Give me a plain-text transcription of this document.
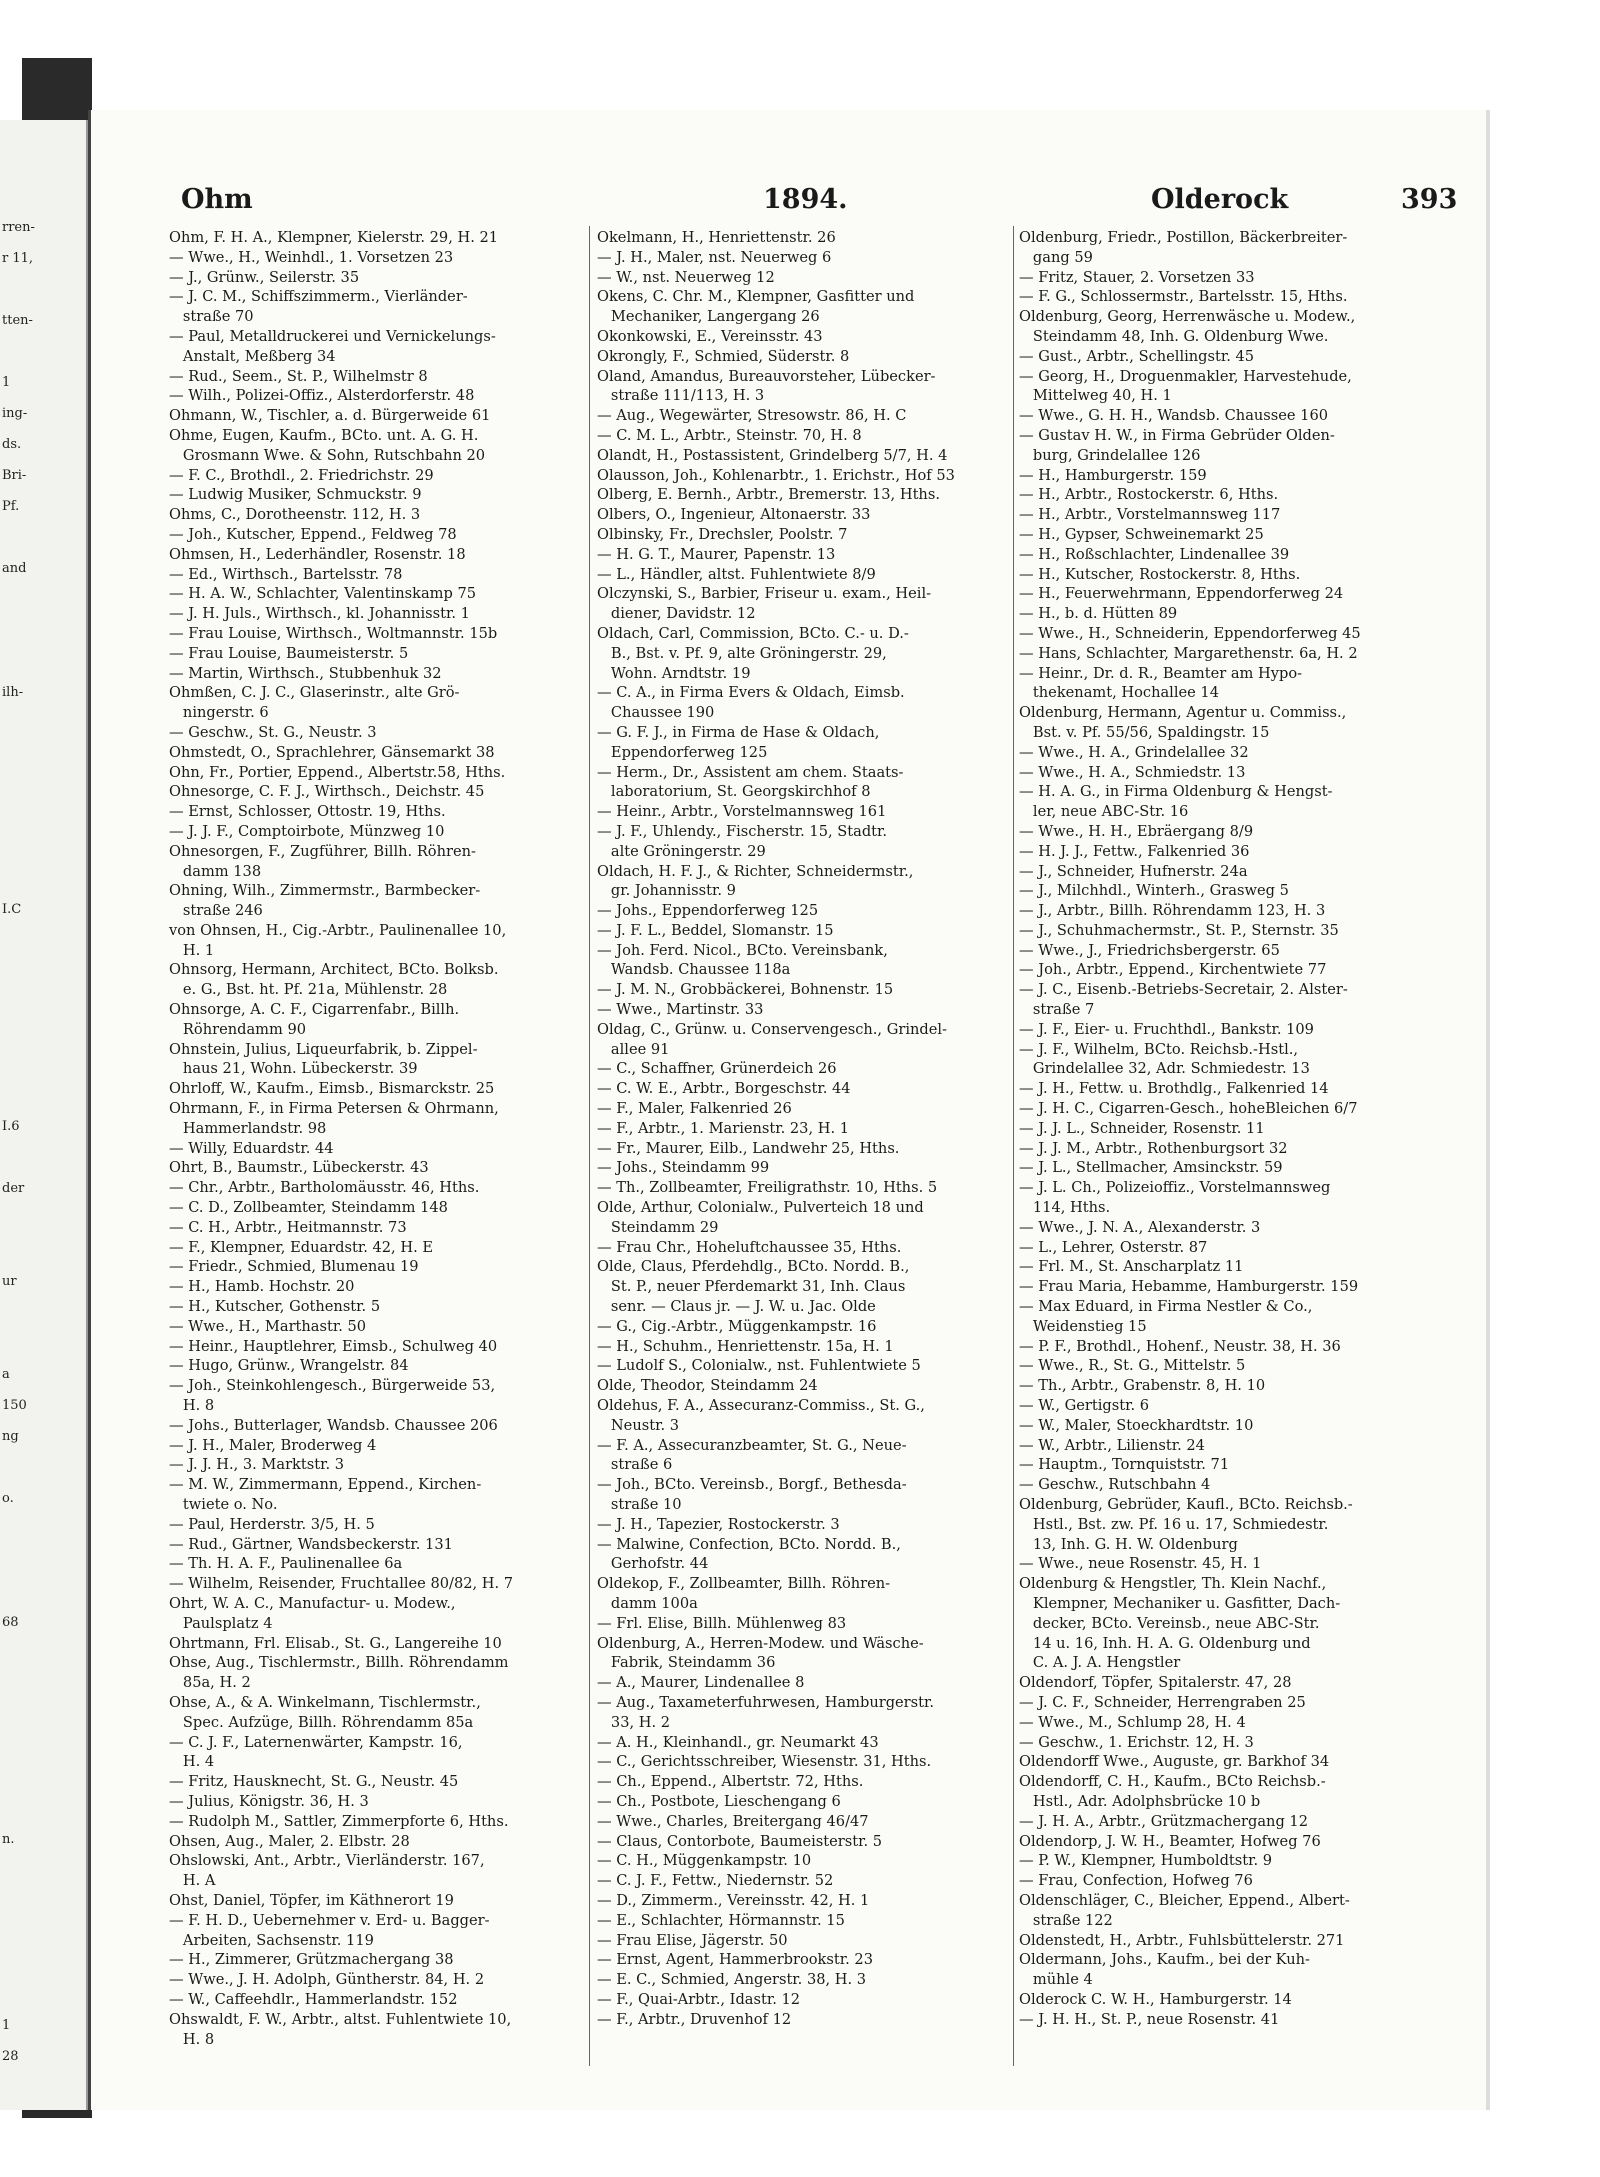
rren-
r 11,
tten-
1
ing-
ds.
Bri-
Pf.
and
ilh-
I.C
I.6
der
ur
a
150
ng
o.
68
n.
1
28
Ohm	1894.	Olderock	393
Ohm, F. H. A., Klempner, Kielerstr. 29, H. 21
— Wwe., H., Weinhdl., 1. Vorsetzen 23
— J., Grünw., Seilerstr. 35
— J. C. M., Schiffszimmerm., Vierländer-
straße 70
— Paul, Metalldruckerei und Vernickelungs-
Anstalt, Meßberg 34
— Rud., Seem., St. P., Wilhelmstr 8
— Wilh., Polizei-Offiz., Alsterdorferstr. 48
Ohmann, W., Tischler, a. d. Bürgerweide 61
Ohme, Eugen, Kaufm., BCto. unt. A. G. H.
Grosmann Wwe. & Sohn, Rutschbahn 20
— F. C., Brothdl., 2. Friedrichstr. 29
— Ludwig Musiker, Schmuckstr. 9
Ohms, C., Dorotheenstr. 112, H. 3
— Joh., Kutscher, Eppend., Feldweg 78
Ohmsen, H., Lederhändler, Rosenstr. 18
— Ed., Wirthsch., Bartelsstr. 78
— H. A. W., Schlachter, Valentinskamp 75
— J. H. Juls., Wirthsch., kl. Johannisstr. 1
— Frau Louise, Wirthsch., Woltmannstr. 15b
— Frau Louise, Baumeisterstr. 5
— Martin, Wirthsch., Stubbenhuk 32
Ohmßen, C. J. C., Glaserinstr., alte Grö-
ningerstr. 6
— Geschw., St. G., Neustr. 3
Ohmstedt, O., Sprachlehrer, Gänsemarkt 38
Ohn, Fr., Portier, Eppend., Albertstr.58, Hths.
Ohnesorge, C. F. J., Wirthsch., Deichstr. 45
— Ernst, Schlosser, Ottostr. 19, Hths.
— J. J. F., Comptoirbote, Münzweg 10
Ohnesorgen, F., Zugführer, Billh. Röhren-
damm 138
Ohning, Wilh., Zimmermstr., Barmbecker-
straße 246
von Ohnsen, H., Cig.-Arbtr., Paulinenallee 10,
H. 1
Ohnsorg, Hermann, Architect, BCto. Bolksb.
e. G., Bst. ht. Pf. 21a, Mühlenstr. 28
Ohnsorge, A. C. F., Cigarrenfabr., Billh.
Röhrendamm 90
Ohnstein, Julius, Liqueurfabrik, b. Zippel-
haus 21, Wohn. Lübeckerstr. 39
Ohrloff, W., Kaufm., Eimsb., Bismarckstr. 25
Ohrmann, F., in Firma Petersen & Ohrmann,
Hammerlandstr. 98
— Willy, Eduardstr. 44
Ohrt, B., Baumstr., Lübeckerstr. 43
— Chr., Arbtr., Bartholomäusstr. 46, Hths.
— C. D., Zollbeamter, Steindamm 148
— C. H., Arbtr., Heitmannstr. 73
— F., Klempner, Eduardstr. 42, H. E
— Friedr., Schmied, Blumenau 19
— H., Hamb. Hochstr. 20
— H., Kutscher, Gothenstr. 5
— Wwe., H., Marthastr. 50
— Heinr., Hauptlehrer, Eimsb., Schulweg 40
— Hugo, Grünw., Wrangelstr. 84
— Joh., Steinkohlengesch., Bürgerweide 53,
H. 8
— Johs., Butterlager, Wandsb. Chaussee 206
— J. H., Maler, Broderweg 4
— J. J. H., 3. Marktstr. 3
— M. W., Zimmermann, Eppend., Kirchen-
twiete o. No.
— Paul, Herderstr. 3/5, H. 5
— Rud., Gärtner, Wandsbeckerstr. 131
— Th. H. A. F., Paulinenallee 6a
— Wilhelm, Reisender, Fruchtallee 80/82, H. 7
Ohrt, W. A. C., Manufactur- u. Modew.,
Paulsplatz 4
Ohrtmann, Frl. Elisab., St. G., Langereihe 10
Ohse, Aug., Tischlermstr., Billh. Röhrendamm
85a, H. 2
Ohse, A., & A. Winkelmann, Tischlermstr.,
Spec. Aufzüge, Billh. Röhrendamm 85a
— C. J. F., Laternenwärter, Kampstr. 16,
H. 4
— Fritz, Hausknecht, St. G., Neustr. 45
— Julius, Königstr. 36, H. 3
— Rudolph M., Sattler, Zimmerpforte 6, Hths.
Ohsen, Aug., Maler, 2. Elbstr. 28
Ohslowski, Ant., Arbtr., Vierländerstr. 167,
H. A
Ohst, Daniel, Töpfer, im Käthnerort 19
— F. H. D., Uebernehmer v. Erd- u. Bagger-
Arbeiten, Sachsenstr. 119
— H., Zimmerer, Grützmachergang 38
— Wwe., J. H. Adolph, Güntherstr. 84, H. 2
— W., Caffeehdlr., Hammerlandstr. 152
Ohswaldt, F. W., Arbtr., altst. Fuhlentwiete 10,
H. 8
Okelmann, H., Henriettenstr. 26
— J. H., Maler, nst. Neuerweg 6
— W., nst. Neuerweg 12
Okens, C. Chr. M., Klempner, Gasfitter und
Mechaniker, Langergang 26
Okonkowski, E., Vereinsstr. 43
Okrongly, F., Schmied, Süderstr. 8
Oland, Amandus, Bureauvorsteher, Lübecker-
straße 111/113, H. 3
— Aug., Wegewärter, Stresowstr. 86, H. C
— C. M. L., Arbtr., Steinstr. 70, H. 8
Olandt, H., Postassistent, Grindelberg 5/7, H. 4
Olausson, Joh., Kohlenarbtr., 1. Erichstr., Hof 53
Olberg, E. Bernh., Arbtr., Bremerstr. 13, Hths.
Olbers, O., Ingenieur, Altonaerstr. 33
Olbinsky, Fr., Drechsler, Poolstr. 7
— H. G. T., Maurer, Papenstr. 13
— L., Händler, altst. Fuhlentwiete 8/9
Olczynski, S., Barbier, Friseur u. exam., Heil-
diener, Davidstr. 12
Oldach, Carl, Commission, BCto. C.- u. D.-
B., Bst. v. Pf. 9, alte Gröningerstr. 29,
Wohn. Arndtstr. 19
— C. A., in Firma Evers & Oldach, Eimsb.
Chaussee 190
— G. F. J., in Firma de Hase & Oldach,
Eppendorferweg 125
— Herm., Dr., Assistent am chem. Staats-
laboratorium, St. Georgskirchhof 8
— Heinr., Arbtr., Vorstelmannsweg 161
— J. F., Uhlendy., Fischerstr. 15, Stadtr.
alte Gröningerstr. 29
Oldach, H. F. J., & Richter, Schneidermstr.,
gr. Johannisstr. 9
— Johs., Eppendorferweg 125
— J. F. L., Beddel, Slomanstr. 15
— Joh. Ferd. Nicol., BCto. Vereinsbank,
Wandsb. Chaussee 118a
— J. M. N., Grobbäckerei, Bohnenstr. 15
— Wwe., Martinstr. 33
Oldag, C., Grünw. u. Conservengesch., Grindel-
allee 91
— C., Schaffner, Grünerdeich 26
— C. W. E., Arbtr., Borgeschstr. 44
— F., Maler, Falkenried 26
— F., Arbtr., 1. Marienstr. 23, H. 1
— Fr., Maurer, Eilb., Landwehr 25, Hths.
— Johs., Steindamm 99
— Th., Zollbeamter, Freiligrathstr. 10, Hths. 5
Olde, Arthur, Colonialw., Pulverteich 18 und
Steindamm 29
— Frau Chr., Hoheluftchaussee 35, Hths.
Olde, Claus, Pferdehdlg., BCto. Nordd. B.,
St. P., neuer Pferdemarkt 31, Inh. Claus
senr. — Claus jr. — J. W. u. Jac. Olde
— G., Cig.-Arbtr., Müggenkampstr. 16
— H., Schuhm., Henriettenstr. 15a, H. 1
— Ludolf S., Colonialw., nst. Fuhlentwiete 5
Olde, Theodor, Steindamm 24
Oldehus, F. A., Assecuranz-Commiss., St. G.,
Neustr. 3
— F. A., Assecuranzbeamter, St. G., Neue-
straße 6
— Joh., BCto. Vereinsb., Borgf., Bethesda-
straße 10
— J. H., Tapezier, Rostockerstr. 3
— Malwine, Confection, BCto. Nordd. B.,
Gerhofstr. 44
Oldekop, F., Zollbeamter, Billh. Röhren-
damm 100a
— Frl. Elise, Billh. Mühlenweg 83
Oldenburg, A., Herren-Modew. und Wäsche-
Fabrik, Steindamm 36
— A., Maurer, Lindenallee 8
— Aug., Taxameterfuhrwesen, Hamburgerstr.
33, H. 2
— A. H., Kleinhandl., gr. Neumarkt 43
— C., Gerichtsschreiber, Wiesenstr. 31, Hths.
— Ch., Eppend., Albertstr. 72, Hths.
— Ch., Postbote, Lieschengang 6
— Wwe., Charles, Breitergang 46/47
— Claus, Contorbote, Baumeisterstr. 5
— C. H., Müggenkampstr. 10
— C. J. F., Fettw., Niedernstr. 52
— D., Zimmerm., Vereinsstr. 42, H. 1
— E., Schlachter, Hörmannstr. 15
— Frau Elise, Jägerstr. 50
— Ernst, Agent, Hammerbrookstr. 23
— E. C., Schmied, Angerstr. 38, H. 3
— F., Quai-Arbtr., Idastr. 12
— F., Arbtr., Druvenhof 12
Oldenburg, Friedr., Postillon, Bäckerbreiter-
gang 59
— Fritz, Stauer, 2. Vorsetzen 33
— F. G., Schlossermstr., Bartelsstr. 15, Hths.
Oldenburg, Georg, Herrenwäsche u. Modew.,
Steindamm 48, Inh. G. Oldenburg Wwe.
— Gust., Arbtr., Schellingstr. 45
— Georg, H., Droguenmakler, Harvestehude,
Mittelweg 40, H. 1
— Wwe., G. H. H., Wandsb. Chaussee 160
— Gustav H. W., in Firma Gebrüder Olden-
burg, Grindelallee 126
— H., Hamburgerstr. 159
— H., Arbtr., Rostockerstr. 6, Hths.
— H., Arbtr., Vorstelmannsweg 117
— H., Gypser, Schweinemarkt 25
— H., Roßschlachter, Lindenallee 39
— H., Kutscher, Rostockerstr. 8, Hths.
— H., Feuerwehrmann, Eppendorferweg 24
— H., b. d. Hütten 89
— Wwe., H., Schneiderin, Eppendorferweg 45
— Hans, Schlachter, Margarethenstr. 6a, H. 2
— Heinr., Dr. d. R., Beamter am Hypo-
thekenamt, Hochallee 14
Oldenburg, Hermann, Agentur u. Commiss.,
Bst. v. Pf. 55/56, Spaldingstr. 15
— Wwe., H. A., Grindelallee 32
— Wwe., H. A., Schmiedstr. 13
— H. A. G., in Firma Oldenburg & Hengst-
ler, neue ABC-Str. 16
— Wwe., H. H., Ebräergang 8/9
— H. J. J., Fettw., Falkenried 36
— J., Schneider, Hufnerstr. 24a
— J., Milchhdl., Winterh., Grasweg 5
— J., Arbtr., Billh. Röhrendamm 123, H. 3
— J., Schuhmachermstr., St. P., Sternstr. 35
— Wwe., J., Friedrichsbergerstr. 65
— Joh., Arbtr., Eppend., Kirchentwiete 77
— J. C., Eisenb.-Betriebs-Secretair, 2. Alster-
straße 7
— J. F., Eier- u. Fruchthdl., Bankstr. 109
— J. F., Wilhelm, BCto. Reichsb.-Hstl.,
Grindelallee 32, Adr. Schmiedestr. 13
— J. H., Fettw. u. Brothdlg., Falkenried 14
— J. H. C., Cigarren-Gesch., hoheBleichen 6/7
— J. J. L., Schneider, Rosenstr. 11
— J. J. M., Arbtr., Rothenburgsort 32
— J. L., Stellmacher, Amsinckstr. 59
— J. L. Ch., Polizeioffiz., Vorstelmannsweg
114, Hths.
— Wwe., J. N. A., Alexanderstr. 3
— L., Lehrer, Osterstr. 87
— Frl. M., St. Anscharplatz 11
— Frau Maria, Hebamme, Hamburgerstr. 159
— Max Eduard, in Firma Nestler & Co.,
Weidenstieg 15
— P. F., Brothdl., Hohenf., Neustr. 38, H. 36
— Wwe., R., St. G., Mittelstr. 5
— Th., Arbtr., Grabenstr. 8, H. 10
— W., Gertigstr. 6
— W., Maler, Stoeckhardtstr. 10
— W., Arbtr., Lilienstr. 24
— Hauptm., Tornquiststr. 71
— Geschw., Rutschbahn 4
Oldenburg, Gebrüder, Kaufl., BCto. Reichsb.-
Hstl., Bst. zw. Pf. 16 u. 17, Schmiedestr.
13, Inh. G. H. W. Oldenburg
— Wwe., neue Rosenstr. 45, H. 1
Oldenburg & Hengstler, Th. Klein Nachf.,
Klempner, Mechaniker u. Gasfitter, Dach-
decker, BCto. Vereinsb., neue ABC-Str.
14 u. 16, Inh. H. A. G. Oldenburg und
C. A. J. A. Hengstler
Oldendorf, Töpfer, Spitalerstr. 47, 28
— J. C. F., Schneider, Herrengraben 25
— Wwe., M., Schlump 28, H. 4
— Geschw., 1. Erichstr. 12, H. 3
Oldendorff Wwe., Auguste, gr. Barkhof 34
Oldendorff, C. H., Kaufm., BCto Reichsb.-
Hstl., Adr. Adolphsbrücke 10 b
— J. H. A., Arbtr., Grützmachergang 12
Oldendorp, J. W. H., Beamter, Hofweg 76
— P. W., Klempner, Humboldtstr. 9
— Frau, Confection, Hofweg 76
Oldenschläger, C., Bleicher, Eppend., Albert-
straße 122
Oldenstedt, H., Arbtr., Fuhlsbüttelerstr. 271
Oldermann, Johs., Kaufm., bei der Kuh-
mühle 4
Olderock C. W. H., Hamburgerstr. 14
— J. H. H., St. P., neue Rosenstr. 41
